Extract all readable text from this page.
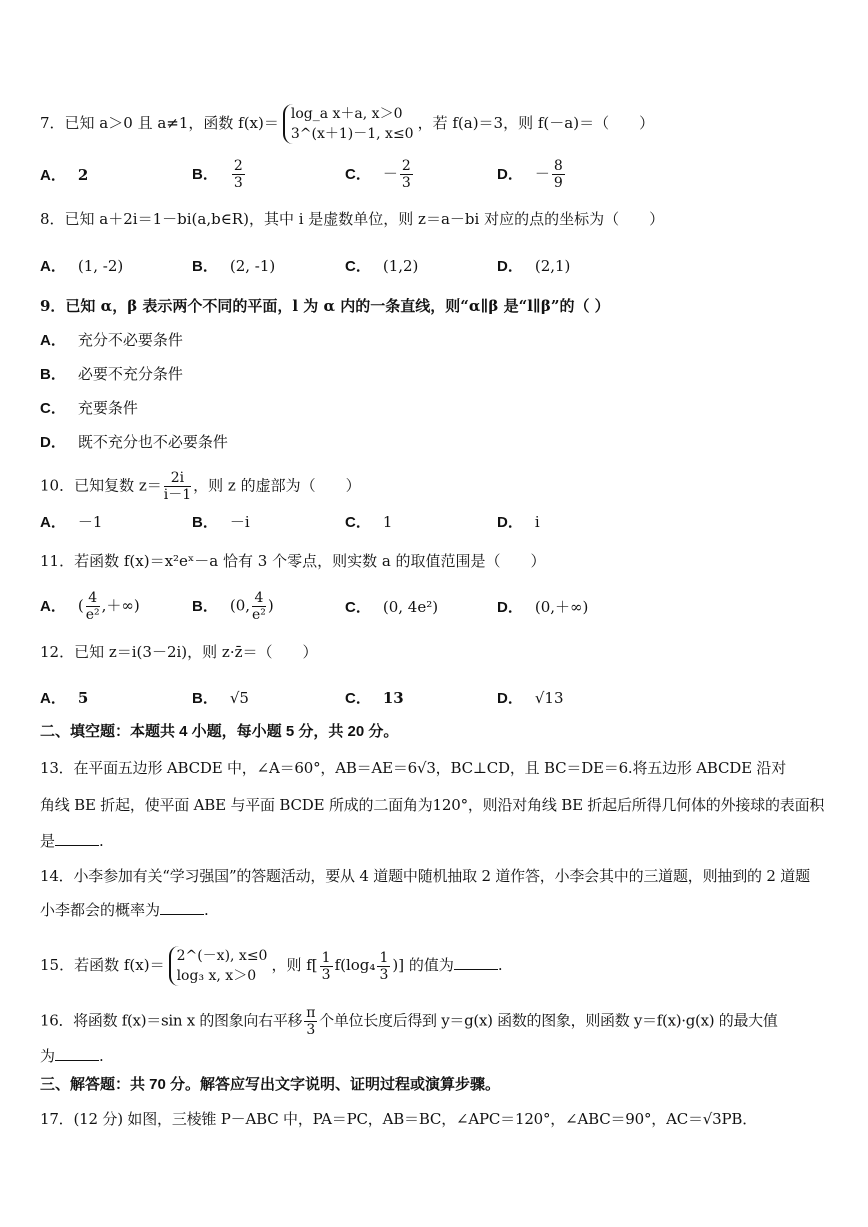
7．已知 a＞0 且 a≠1，函数 f(x)＝ log_a x＋a, x＞0
3^(x＋1)－1, x≤0
，若 f(a)＝3，则 f(－a)＝（　　）
A． 2	B． $\frac{2}{3}$	C． － $\frac{2}{3}$	D． － $\frac{8}{9}$
8．已知 a＋2i＝1－bi(a,b∈R)，其中 i 是虚数单位，则 z＝a－bi 对应的点的坐标为（　　）
A． (1, -2)	B． (2, -1)	C． (1,2)	D． (2,1)
9．已知 α，β 表示两个不同的平面，l 为 α 内的一条直线，则“α∥β 是“l∥β”的（ ）
A． 充分不必要条件
B． 必要不充分条件
C． 充要条件
D． 既不充分也不必要条件
10．已知复数 $z= \frac{2i}{i-1}$ ，则 z 的虚部为（　　）
A． －1	B． －i	C． 1	D． i
11．若函数 f(x)＝x²eˣ－a 恰有 3 个零点，则实数 a 的取值范围是（　　）
A． ( $\frac{4}{\text{e²}}$ ,＋∞)	B． (0, $\frac{4}{\text{e²}}$ )	C． (0, 4e²)	D． (0,＋∞)
12．已知 z＝i(3－2i)，则 z·z̄＝（　　）
A． 5	B． √5	C． 13	D． √13
二、填空题：本题共 4 小题，每小题 5 分，共 20 分。
13．在平面五边形 ABCDE 中，∠A＝60°，AB＝AE＝6√3，BC⊥CD，且 BC＝DE＝6.将五边形 ABCDE 沿对
角线 BE 折起，使平面 ABE 与平面 BCDE 所成的二面角为120°，则沿对角线 BE 折起后所得几何体的外接球的表面积
是	.
14．小李参加有关“学习强国”的答题活动，要从 4 道题中随机抽取 2 道作答，小李会其中的三道题，则抽到的 2 道题
小李都会的概率为	.
15．若函数 f(x)＝ 2^(－x), x≤0
log₃ x, x＞0
，则 $f[ \frac{1}{3} f(\log_4 \frac{1}{3}$ )] 的值为	.
16．将函数 f(x)＝sin x 的图象向右平移 $\frac{\pi}{3}$ 个单位长度后得到 y＝g(x) 函数的图象，则函数 y＝f(x)·g(x) 的最大值
为	.
三、解答题：共 70 分。解答应写出文字说明、证明过程或演算步骤。
17．(12 分) 如图，三棱锥 P－ABC 中，PA＝PC，AB＝BC，∠APC＝120°，∠ABC＝90°，AC＝√3PB．
